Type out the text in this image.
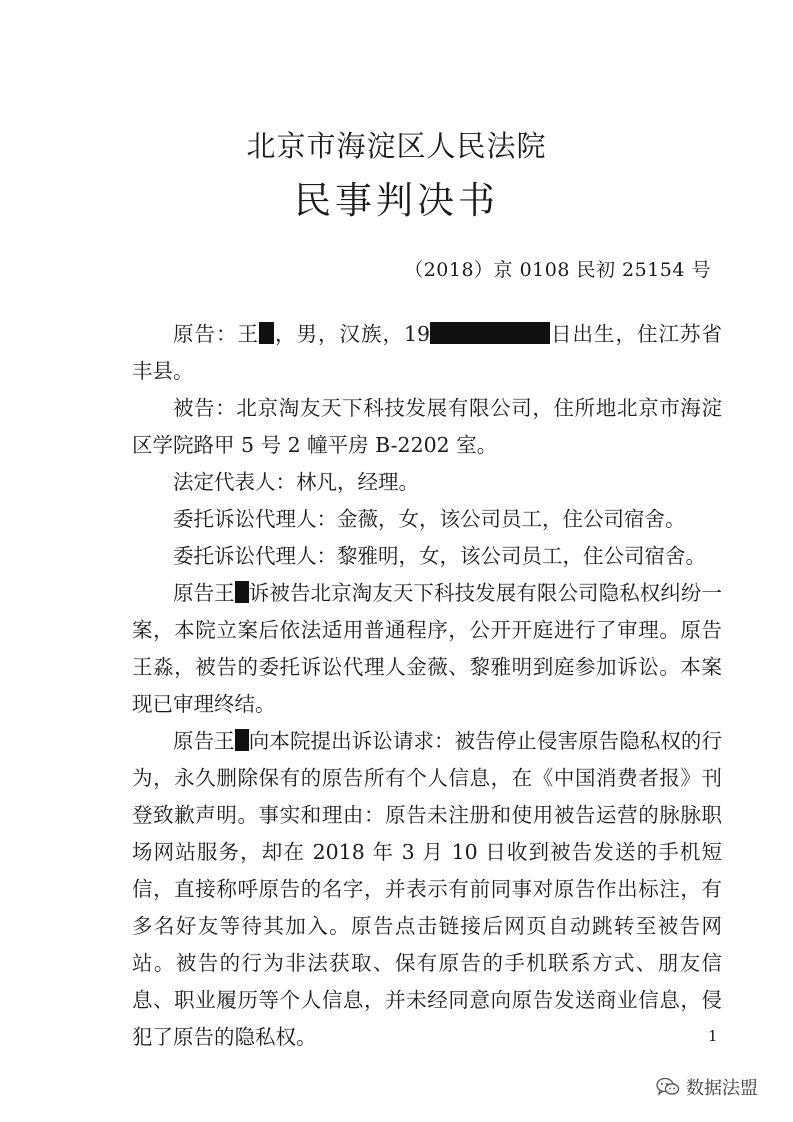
北京市海淀区人民法院
民事判决书
（2018）京 0108 民初 25154 号

原告：王 ，男，汉族，19	日出生，住江苏省丰县。

被告：北京淘友天下科技发展有限公司，住所地北京市海淀区学院路甲 5 号 2 幢平房 B-2202 室。

法定代表人：林凡，经理。

委托诉讼代理人：金薇，女，该公司员工，住公司宿舍。

委托诉讼代理人：黎雅明，女，该公司员工，住公司宿舍。

原告王 诉被告北京淘友天下科技发展有限公司隐私权纠纷一案，本院立案后依法适用普通程序，公开开庭进行了审理。原告王淼，被告的委托诉讼代理人金薇、黎雅明到庭参加诉讼。本案现已审理终结。

原告王 向本院提出诉讼请求：被告停止侵害原告隐私权的行为，永久删除保有的原告所有个人信息，在《中国消费者报》刊登致歉声明。事实和理由：原告未注册和使用被告运营的脉脉职场网站服务，却在 2018 年 3 月 10 日收到被告发送的手机短信，直接称呼原告的名字，并表示有前同事对原告作出标注，有多名好友等待其加入。原告点击链接后网页自动跳转至被告网站。被告的行为非法获取、保有原告的手机联系方式、朋友信息、职业履历等个人信息，并未经同意向原告发送商业信息，侵犯了原告的隐私权。	1
数据法盟
